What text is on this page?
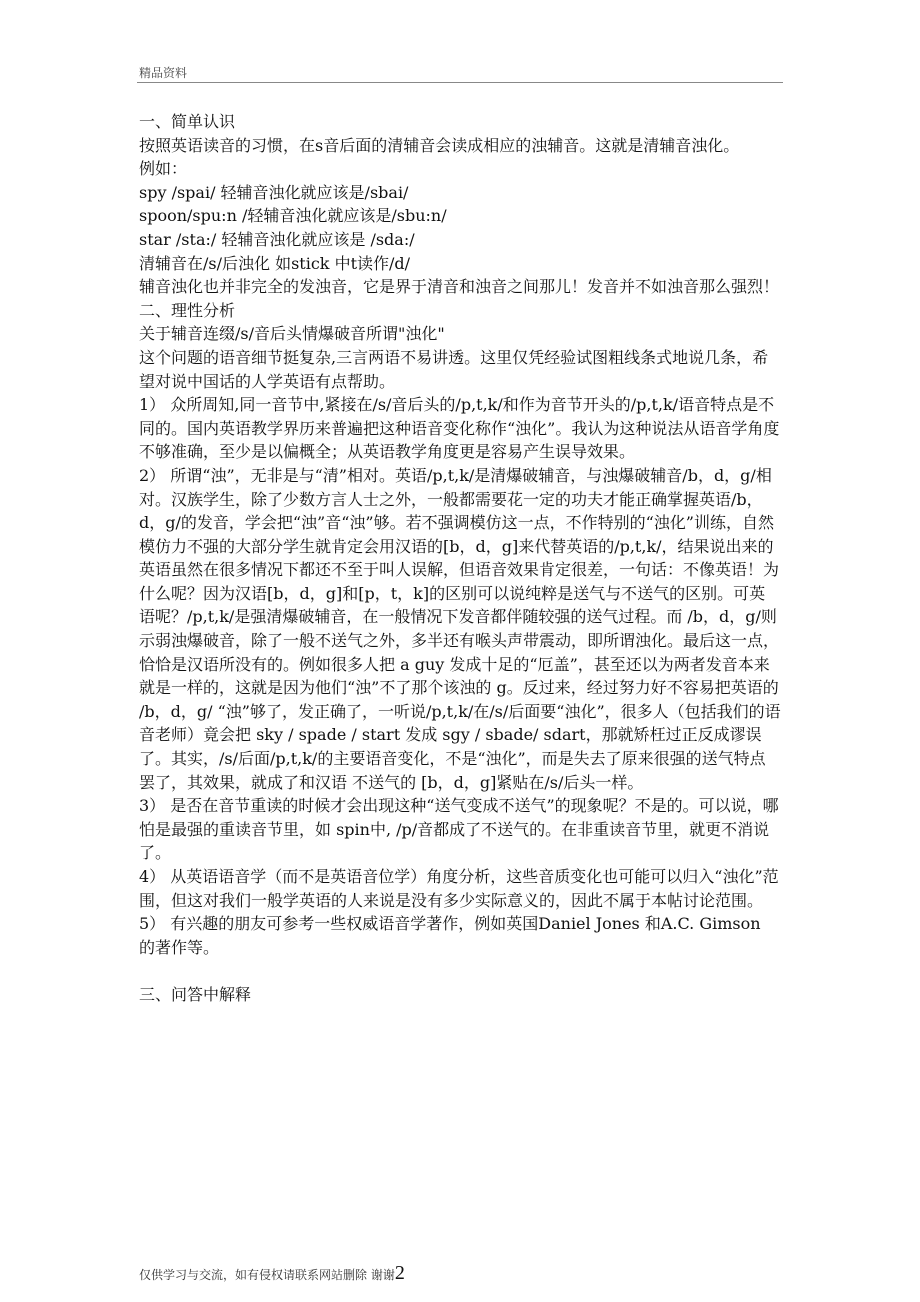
精品资料

一、简单认识

按照英语读音的习惯，在s音后面的清辅音会读成相应的浊辅音。这就是清辅音浊化。

例如：

spy /spai/ 轻辅音浊化就应该是/sbai/

spoon/spu:n /轻辅音浊化就应该是/sbu:n/

star /sta:/ 轻辅音浊化就应该是 /sda:/

清辅音在/s/后浊化 如stick 中t读作/d/

辅音浊化也并非完全的发浊音，它是界于清音和浊音之间那儿！发音并不如浊音那么强烈！

二、理性分析

关于辅音连缀/s/音后头情爆破音所谓"浊化"

这个问题的语音细节挺复杂,三言两语不易讲透。这里仅凭经验试图粗线条式地说几条，希望对说中国话的人学英语有点帮助。

1） 众所周知,同一音节中,紧接在/s/音后头的/p,t,k/和作为音节开头的/p,t,k/语音特点是不同的。国内英语教学界历来普遍把这种语音变化称作“浊化”。我认为这种说法从语音学角度不够准确，至少是以偏概全；从英语教学角度更是容易产生误导效果。

2） 所谓“浊”，无非是与“清”相对。英语/p,t,k/是清爆破辅音，与浊爆破辅音/b，d，g/相对。汉族学生，除了少数方言人士之外，一般都需要花一定的功夫才能正确掌握英语/b，d，g/的发音，学会把“浊”音“浊”够。若不强调模仿这一点，不作特别的“浊化”训练，自然模仿力不强的大部分学生就肯定会用汉语的[b，d，g]来代替英语的/p,t,k/，结果说出来的英语虽然在很多情况下都还不至于叫人误解，但语音效果肯定很差，一句话：不像英语！为什么呢？因为汉语[b，d，g]和[p，t，k]的区别可以说纯粹是送气与不送气的区别。可英语呢？/p,t,k/是强清爆破辅音，在一般情况下发音都伴随较强的送气过程。而 /b，d，g/则示弱浊爆破音，除了一般不送气之外，多半还有喉头声带震动，即所谓浊化。最后这一点，恰恰是汉语所没有的。例如很多人把 a guy 发成十足的“厄盖”，甚至还以为两者发音本来就是一样的，这就是因为他们“浊”不了那个该浊的 g。反过来，经过努力好不容易把英语的 /b，d，g/ “浊”够了，发正确了，一听说/p,t,k/在/s/后面要“浊化”，很多人（包括我们的语音老师）竟会把 sky / spade / start 发成 sgy / sbade/ sdart，那就矫枉过正反成谬误了。其实，/s/后面/p,t,k/的主要语音变化，不是“浊化”，而是失去了原来很强的送气特点罢了，其效果，就成了和汉语 不送气的 [b，d，g]紧贴在/s/后头一样。

3） 是否在音节重读的时候才会出现这种“送气变成不送气”的现象呢？不是的。可以说，哪怕是最强的重读音节里，如 spin中, /p/音都成了不送气的。在非重读音节里，就更不消说了。

4） 从英语语音学（而不是英语音位学）角度分析，这些音质变化也可能可以归入“浊化”范围，但这对我们一般学英语的人来说是没有多少实际意义的，因此不属于本帖讨论范围。

5） 有兴趣的朋友可参考一些权威语音学著作，例如英国Daniel Jones 和A.C. Gimson 的著作等。

三、问答中解释

仅供学习与交流，如有侵权请联系网站删除 谢谢2
